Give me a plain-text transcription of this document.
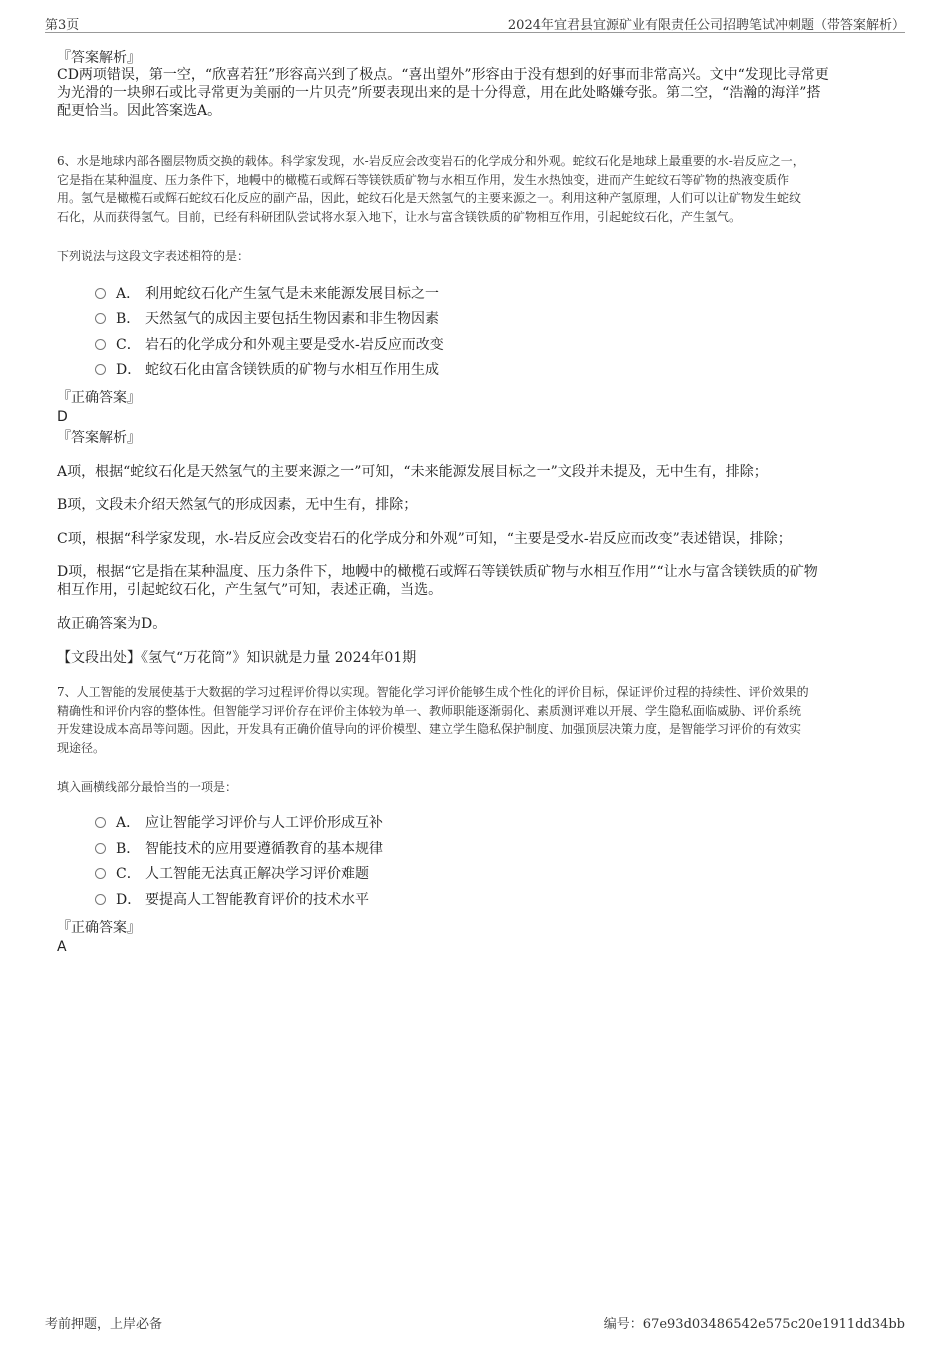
第3页	2024年宜君县宜源矿业有限责任公司招聘笔试冲刺题（带答案解析）
『答案解析』
CD两项错误，第一空，“欣喜若狂”形容高兴到了极点。“喜出望外”形容由于没有想到的好事而非常高兴。文中“发现比寻常更
为光滑的一块卵石或比寻常更为美丽的一片贝壳”所要表现出来的是十分得意，用在此处略嫌夸张。第二空，“浩瀚的海洋”搭
配更恰当。因此答案选A。
6、水是地球内部各圈层物质交换的载体。科学家发现，水-岩反应会改变岩石的化学成分和外观。蛇纹石化是地球上最重要的水-岩反应之一，
它是指在某种温度、压力条件下，地幔中的橄榄石或辉石等镁铁质矿物与水相互作用，发生水热蚀变，进而产生蛇纹石等矿物的热液变质作
用。氢气是橄榄石或辉石蛇纹石化反应的副产品，因此，蛇纹石化是天然氢气的主要来源之一。利用这种产氢原理，人们可以让矿物发生蛇纹
石化，从而获得氢气。目前，已经有科研团队尝试将水泵入地下，让水与富含镁铁质的矿物相互作用，引起蛇纹石化，产生氢气。
下列说法与这段文字表述相符的是：
A． 利用蛇纹石化产生氢气是未来能源发展目标之一
B． 天然氢气的成因主要包括生物因素和非生物因素
C． 岩石的化学成分和外观主要是受水-岩反应而改变
D． 蛇纹石化由富含镁铁质的矿物与水相互作用生成
『正确答案』
D
『答案解析』
A项，根据“蛇纹石化是天然氢气的主要来源之一”可知，“未来能源发展目标之一”文段并未提及，无中生有，排除；
B项，文段未介绍天然氢气的形成因素，无中生有，排除；
C项，根据“科学家发现，水-岩反应会改变岩石的化学成分和外观”可知，“主要是受水-岩反应而改变”表述错误，排除；
D项，根据“它是指在某种温度、压力条件下，地幔中的橄榄石或辉石等镁铁质矿物与水相互作用”“让水与富含镁铁质的矿物
相互作用，引起蛇纹石化，产生氢气”可知，表述正确，当选。
故正确答案为D。
【文段出处】《氢气“万花筒”》知识就是力量 2024年01期
7、人工智能的发展使基于大数据的学习过程评价得以实现。智能化学习评价能够生成个性化的评价目标，保证评价过程的持续性、评价效果的
精确性和评价内容的整体性。但智能学习评价存在评价主体较为单一、教师职能逐渐弱化、素质测评难以开展、学生隐私面临威胁、评价系统
开发建设成本高昂等问题。因此，开发具有正确价值导向的评价模型、建立学生隐私保护制度、加强顶层决策力度，是智能学习评价的有效实
现途径。
填入画横线部分最恰当的一项是：
A． 应让智能学习评价与人工评价形成互补
B． 智能技术的应用要遵循教育的基本规律
C． 人工智能无法真正解决学习评价难题
D． 要提高人工智能教育评价的技术水平
『正确答案』
A
考前押题，上岸必备	编号：67e93d03486542e575c20e1911dd34bb
